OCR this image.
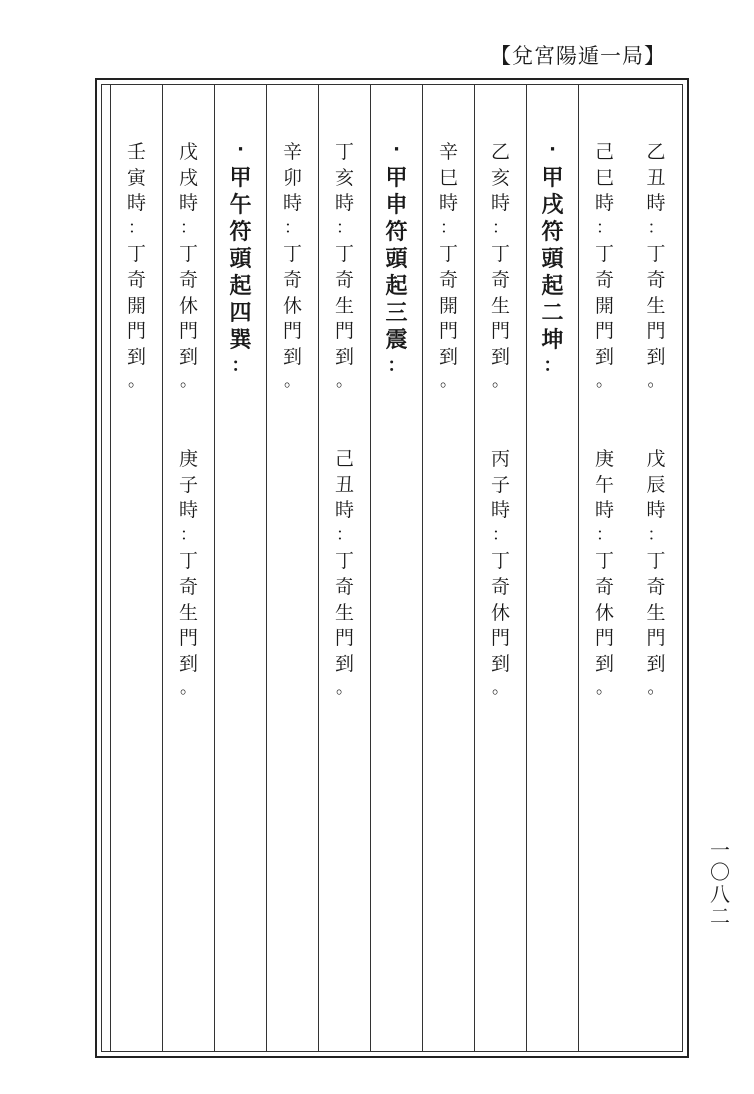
【兌宮陽遁一局】
乙
丑
時
：
丁
奇
生
門
到
。
戊
辰
時
：
丁
奇
生
門
到
。
己
巳
時
：
丁
奇
開
門
到
。
庚
午
時
：
丁
奇
休
門
到
。
·
甲
戌
符
頭
起
二
坤
：
乙
亥
時
：
丁
奇
生
門
到
。
丙
子
時
：
丁
奇
休
門
到
。
辛
巳
時
：
丁
奇
開
門
到
。
·
甲
申
符
頭
起
三
震
：
丁
亥
時
：
丁
奇
生
門
到
。
己
丑
時
：
丁
奇
生
門
到
。
辛
卯
時
：
丁
奇
休
門
到
。
·
甲
午
符
頭
起
四
巽
：
戊
戌
時
：
丁
奇
休
門
到
。
庚
子
時
：
丁
奇
生
門
到
。
壬
寅
時
：
丁
奇
開
門
到
。
一
〇
八
二
